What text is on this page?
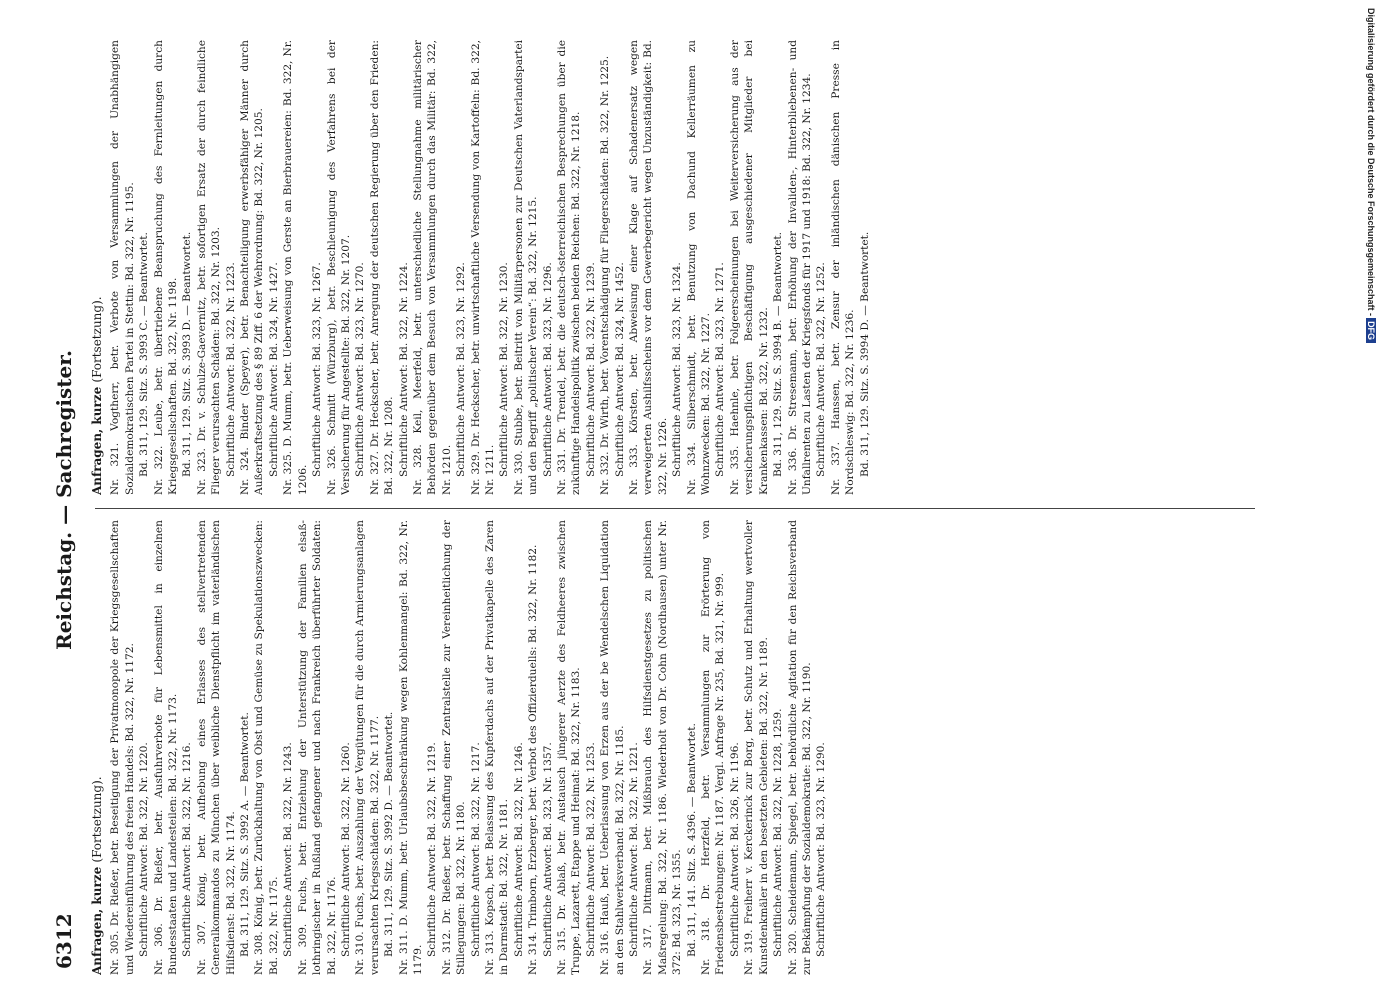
6312
Reichstag. — Sachregister.
Anfragen, kurze (Fortsetzung). Nr. 305. Dr. Rießer, betr. Beseitigung der Privatmonopole der Kriegsgesellschaften und Wiedereinführung des freien Handels: Bd. 322, Nr. 1172. Schriftliche Antwort: Bd. 322, Nr. 1220. Nr. 306. Dr. Rießer, betr. Ausfuhrverbote für Lebensmittel in einzelnen Bundesstaaten und Landesteilen: Bd. 322, Nr. 1173. Schriftliche Antwort: Bd. 322, Nr. 1216. Nr. 307. König, betr. Aufhebung eines Erlasses des stellvertretenden Generalkommandos zu München über weibliche Dienstpflicht im vaterländischen Hilfsdienst: Bd. 322, Nr. 1174. Bd. 311, 129. Sitz. S. 3992 A. — Beantwortet. Nr. 308. König, betr. Zurückhaltung von Obst und Gemüse zu Spekulationszwecken: Bd. 322, Nr. 1175. Schriftliche Antwort: Bd. 322, Nr. 1243. Nr. 309. Fuchs, betr. Entziehung der Unterstützung der Familien elsaß-lothringischer in Rußland gefangener und nach Frankreich überführter Soldaten: Bd. 322, Nr. 1176. Schriftliche Antwort: Bd. 322, Nr. 1260. Nr. 310. Fuchs, betr. Auszahlung der Vergütungen für die durch Armierungsanlagen verursachten Kriegsschäden: Bd. 322, Nr. 1177. Bd. 311, 129. Sitz. S. 3992 D. — Beantwortet. Nr. 311. D. Mumm, betr. Urlaubsbeschränkung wegen Kohlenmangel: Bd. 322, Nr. 1179.
Schriftliche Antwort: Bd. 322, Nr. 1219. Nr. 312. Dr. Rießer, betr. Schaffung einer Zentralstelle zur Vereinheitlichung der Stillegungen: Bd. 322, Nr. 1180. Schriftliche Antwort: Bd. 322, Nr. 1217. Nr. 313. Kopsch, betr. Belassung des Kupferdachs auf der Privatkapelle des Zaren in Darmstadt: Bd. 322, Nr. 1181. Schriftliche Antwort: Bd. 322, Nr. 1246. Nr. 314. Trimborn, Erzberger, betr. Verbot des Offizierduells: Bd. 322, Nr. 1182. Schriftliche Antwort: Bd. 323, Nr. 1357. Nr. 315. Dr. Ablaß, betr. Austausch jüngerer Aerzte des Feldheeres zwischen Truppe, Lazarett, Etappe und Heimat: Bd. 322, Nr. 1183. Schriftliche Antwort: Bd. 322, Nr. 1253. Nr. 316. Hauß, betr. Ueberlassung von Erzen aus der be Wendelschen Liquidation an den Stahlwerksverband: Bd. 322, Nr. 1185. Schriftliche Antwort: Bd. 322, Nr. 1221. Nr. 317. Dittmann, betr. Mißbrauch des Hilfsdienstgesetzes zu politischen Maßregelung: Bd. 322, Nr. 1186. Wiederholt von Dr. Cohn (Nordhausen) unter Nr. 372: Bd. 323, Nr. 1355. Bd. 311, 141. Sitz. S. 4396. — Beantwortet. Nr. 318. Dr. Herzfeld, betr. Versammlungen zur Erörterung von Friedensbestrebungen: Nr. 1187. Vergl. Anfrage Nr. 235, Bd. 321, Nr. 999. Schriftliche Antwort: Bd. 326, Nr. 1196. Nr. 319. Freiherr v. Kerckerinck zur Borg, betr. Schutz und Erhaltung wertvoller Kunstdenkmäler in den besetzten Gebieten: Bd. 322, Nr. 1189. Schriftliche Antwort: Bd. 322, Nr. 1228, 1259. Nr. 320. Scheidemann, Spiegel, betr. behördliche Agitation für den Reichsverband zur Bekämpfung der Sozialdemokratie: Bd. 322, Nr. 1190. Schriftliche Antwort: Bd. 323, Nr. 1290.
Anfragen, kurze (Fortsetzung). Nr. 321. Vogtherr, betr. Verbote von Versammlungen der Unabhängigen Sozialdemokratischen Partei in Stettin: Bd. 322, Nr. 1195. Bd. 311, 129. Sitz. S. 3993 C. — Beantwortet. Nr. 322. Leube, betr. übertriebene Beanspruchung des Fernleitungen durch Kriegsgesellschaften. Bd. 322, Nr. 1198. Bd. 311, 129. Sitz. S. 3993 D. — Beantwortet. Nr. 323. Dr. v. Schulze-Gaevernitz, betr. sofortigen Ersatz der durch feindliche Flieger verursachten Schäden: Bd. 322, Nr. 1203. Schriftliche Antwort: Bd. 322, Nr. 1223. Nr. 324. Binder (Speyer), betr. Benachteiligung erwerbsfähiger Männer durch Außerkraftsetzung des § 89 Ziff. 6 der Wehrordnung: Bd. 322, Nr. 1205. Schriftliche Antwort: Bd. 324, Nr. 1427. Nr. 325. D. Mumm, betr. Ueberweisung von Gerste an Bierbrauereien: Bd. 322, Nr. 1206.
Schriftliche Antwort: Bd. 323, Nr. 1267. Nr. 326. Schmitt (Würzburg), betr. Beschleunigung des Verfahrens bei der Versicherung für Angestellte: Bd. 322, Nr. 1207. Schriftliche Antwort: Bd. 323, Nr. 1270. Nr. 327. Dr. Heckscher, betr. Anregung der deutschen Regierung über den Frieden: Bd. 322, Nr. 1208. Schriftliche Antwort: Bd. 322, Nr. 1224. Nr. 328. Keil, Meerfeld, betr. unterschiedliche Stellungnahme militärischer Behörden gegenüber dem Besuch von Versammlungen durch das Militär: Bd. 322, Nr. 1210. Schriftliche Antwort: Bd. 323, Nr. 1292. Nr. 329. Dr. Heckscher, betr. unwirtschaftliche Versendung von Kartoffeln: Bd. 322, Nr. 1211. Schriftliche Antwort: Bd. 322, Nr. 1230. Nr. 330. Stubbe, betr. Beitritt von Militärpersonen zur Deutschen Vaterlandspartei und den Begriff „politischer Verein“: Bd. 322, Nr. 1215. Schriftliche Antwort: Bd. 323, Nr. 1296. Nr. 331. Dr. Trendel, betr. die deutsch-österreichischen Besprechungen über die zukünftige Handelspolitik zwischen beiden Reichen: Bd. 322, Nr. 1218. Schriftliche Antwort: Bd. 322, Nr. 1239. Nr. 332. Dr. Wirth, betr. Vorentschädigung für Fliegerschäden: Bd. 322, Nr. 1225. Schriftliche Antwort: Bd. 324, Nr. 1452. Nr. 333. Körsten, betr. Abweisung einer Klage auf Schadenersatz wegen verweigerten Aushilfsscheins vor dem Gewerbegericht wegen Unzuständigkeit: Bd. 322, Nr. 1226. Schriftliche Antwort: Bd. 323, Nr. 1324. Nr. 334. Silberschmidt, betr. Benutzung von Dachund Kellerräumen zu Wohnzwecken: Bd. 322, Nr. 1227. Schriftliche Antwort: Bd. 323, Nr. 1271. Nr. 335. Haehnle, betr. Folgeerscheinungen bei Weiterversicherung aus der versicherungspflichtigen Beschäftigung ausgeschiedener Mitglieder bei Krankenkassen: Bd. 322, Nr. 1232. Bd. 311, 129. Sitz. S. 3994 B. — Beantwortet. Nr. 336. Dr. Stresemann, betr. Erhöhung der Invaliden-, Hinterbliebenen- und Unfallrenten zu Lasten der Kriegsfonds für 1917 und 1918: Bd. 322, Nr. 1234. Schriftliche Antwort: Bd. 322, Nr. 1252. Nr. 337. Hanssen, betr. Zensur der inländischen dänischen Presse in Nordschleswig: Bd. 322, Nr. 1236. Bd. 311, 129. Sitz. S. 3994 D. — Beantwortet.
Digitalisierung gefördert durch die Deutsche Forschungsgemeinschaft -DFG
